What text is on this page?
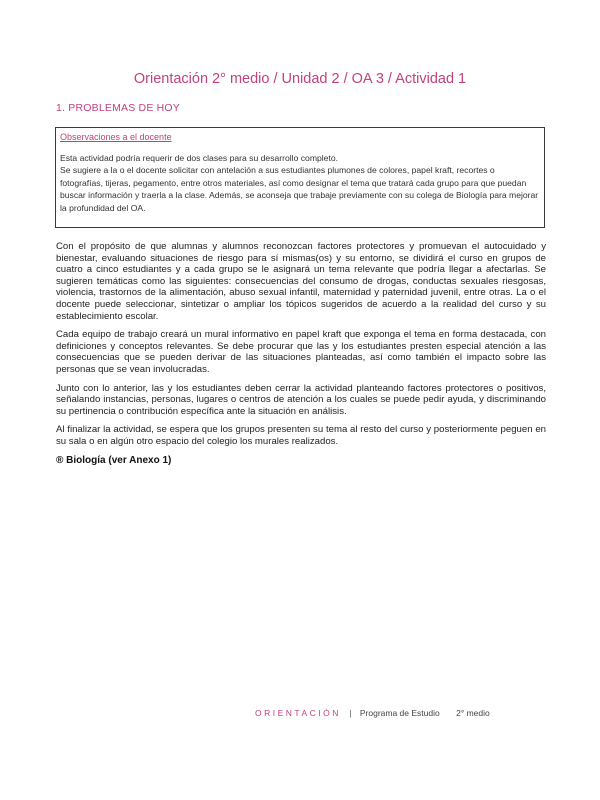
Orientación 2° medio / Unidad 2 / OA 3 / Actividad 1
1. PROBLEMAS DE HOY
Observaciones a el docente

Esta actividad podría requerir de dos clases para su desarrollo completo.

Se sugiere a la o el docente solicitar con antelación a sus estudiantes plumones de colores, papel kraft, recortes o fotografías, tijeras, pegamento, entre otros materiales, así como designar el tema que tratará cada grupo para que puedan buscar información y traerla a la clase. Además, se aconseja que trabaje previamente con su colega de Biología para mejorar la profundidad del OA.

Con el propósito de que alumnas y alumnos reconozcan factores protectores y promuevan el autocuidado y bienestar, evaluando situaciones de riesgo para sí mismas(os) y su entorno, se dividirá el curso en grupos de cuatro a cinco estudiantes y a cada grupo se le asignará un tema relevante que podría llegar a afectarlas. Se sugieren temáticas como las siguientes: consecuencias del consumo de drogas, conductas sexuales riesgosas, violencia, trastornos de la alimentación, abuso sexual infantil, maternidad y paternidad juvenil, entre otras. La o el docente puede seleccionar, sintetizar o ampliar los tópicos sugeridos de acuerdo a la realidad del curso y su establecimiento escolar.

Cada equipo de trabajo creará un mural informativo en papel kraft que exponga el tema en forma destacada, con definiciones y conceptos relevantes. Se debe procurar que las y los estudiantes presten especial atención a las consecuencias que se pueden derivar de las situaciones planteadas, así como también el impacto sobre las personas que se vean involucradas.

Junto con lo anterior, las y los estudiantes deben cerrar la actividad planteando factores protectores o positivos, señalando instancias, personas, lugares o centros de atención a los cuales se puede pedir ayuda, y discriminando su pertinencia o contribución específica ante la situación en análisis.

Al finalizar la actividad, se espera que los grupos presenten su tema al resto del curso y posteriormente peguen en su sala o en algún otro espacio del colegio los murales realizados.

® Biología (ver Anexo 1)

ORIENTACIÓN | Programa de Estudio 2° medio
